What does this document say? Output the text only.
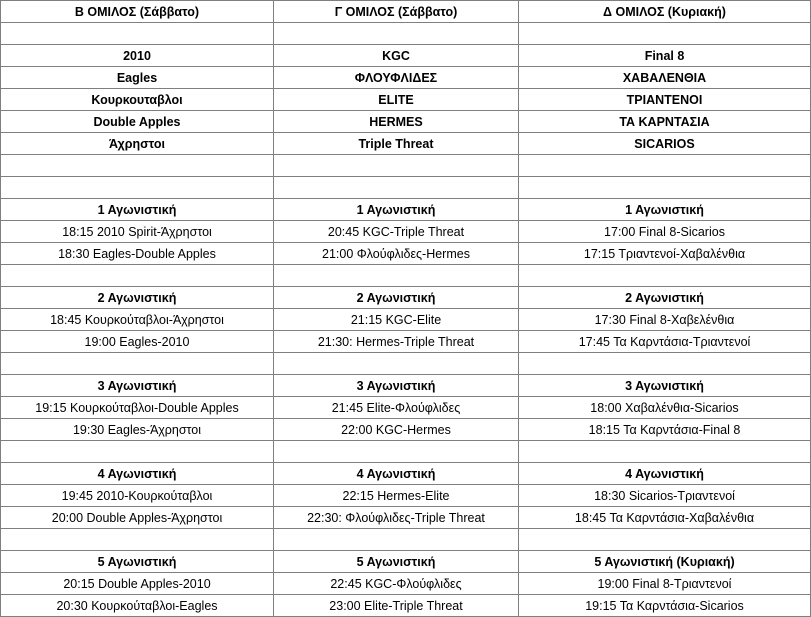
Β ΟΜΙΛΟΣ (Σάββατο)	Γ ΟΜΙΛΟΣ (Σάββατο)	Δ ΟΜΙΛΟΣ (Κυριακή)

2010	KGC	Final 8
Eagles	ΦΛΟΥΦΛΙΔΕΣ	ΧΑΒΑΛΕΝΘΙΑ
Κουρκουταβλοι	ELITE	ΤΡΙΑΝΤΕΝΟΙ
Double Apples	HERMES	ΤΑ ΚΑΡΝΤΑΣΙΑ
Άχρηστοι	Triple Threat	SICARIOS

1 Αγωνιστική	1 Αγωνιστική	1 Αγωνιστική
18:15 2010 Spirit-Άχρηστοι	20:45 KGC-Triple Threat	17:00 Final 8-Sicarios
18:30 Eagles-Double Apples	21:00 Φλούφλιδες-Hermes	17:15 Τριαντενοί-Χαβαλένθια

2 Αγωνιστική	2 Αγωνιστική	2 Αγωνιστική
18:45 Κουρκούταβλοι-Άχρηστοι	21:15 KGC-Elite	17:30 Final 8-Χαβελένθια
19:00 Eagles-2010	21:30: Hermes-Triple Threat	17:45 Τα Καρντάσια-Τριαντενοί

3 Αγωνιστική	3 Αγωνιστική	3 Αγωνιστική
19:15 Κουρκούταβλοι-Double Apples	21:45 Elite-Φλούφλιδες	18:00 Χαβαλένθια-Sicarios
19:30 Eagles-Άχρηστοι	22:00 KGC-Hermes	18:15 Τα Καρντάσια-Final 8

4 Αγωνιστική	4 Αγωνιστική	4 Αγωνιστική
19:45 2010-Κουρκούταβλοι	22:15 Hermes-Elite	18:30 Sicarios-Τριαντενοί
20:00 Double Apples-Άχρηστοι	22:30: Φλούφλιδες-Triple Threat	18:45 Τα Καρντάσια-Χαβαλένθια

5 Αγωνιστική	5 Αγωνιστική	5 Αγωνιστική (Κυριακή)
20:15 Double Apples-2010	22:45 KGC-Φλούφλιδες	19:00 Final 8-Τριαντενοί
20:30 Κουρκούταβλοι-Eagles	23:00 Elite-Triple Threat	19:15 Τα Καρντάσια-Sicarios
